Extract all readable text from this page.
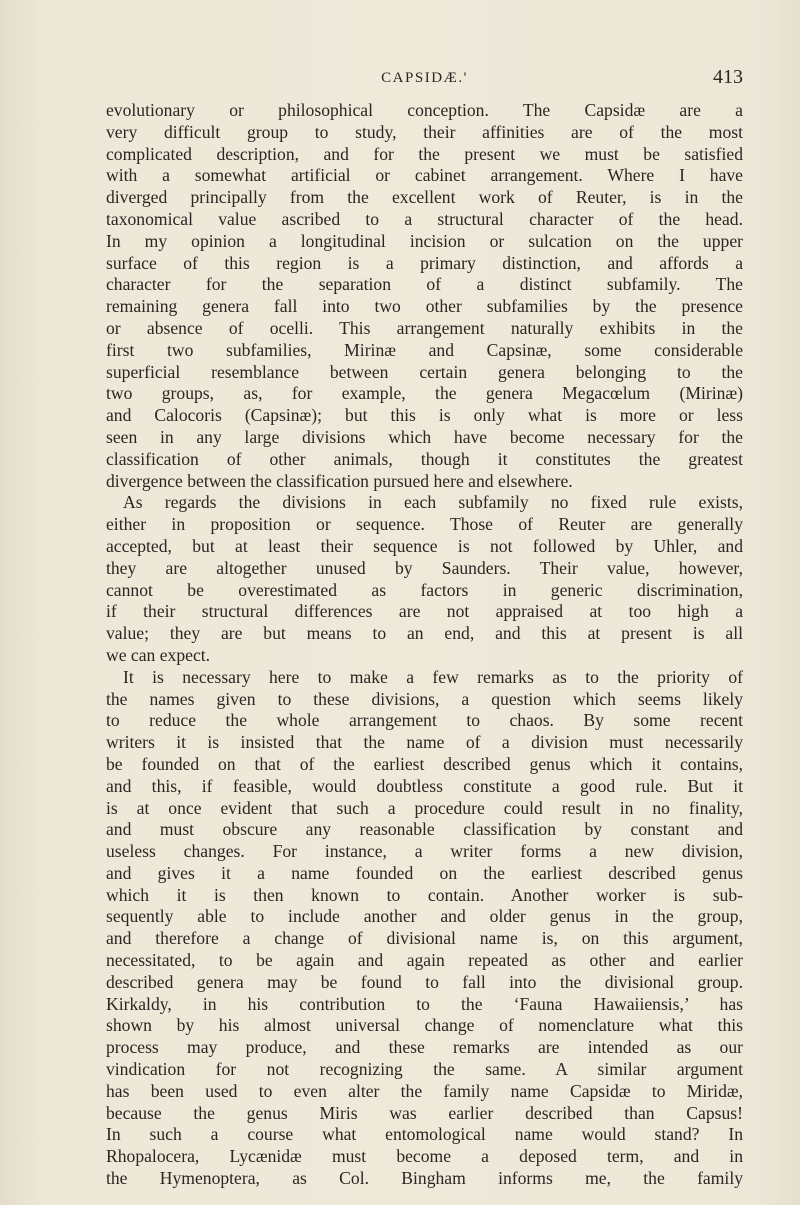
CAPSIDÆ.'	413
evolutionary or philosophical conception. The Capsidæ are a
very difficult group to study, their affinities are of the most
complicated description, and for the present we must be satisfied
with a somewhat artificial or cabinet arrangement. Where I have
diverged principally from the excellent work of Reuter, is in the
taxonomical value ascribed to a structural character of the head.
In my opinion a longitudinal incision or sulcation on the upper
surface of this region is a primary distinction, and affords a
character for the separation of a distinct subfamily. The
remaining genera fall into two other subfamilies by the presence
or absence of ocelli. This arrangement naturally exhibits in the
first two subfamilies, Mirinæ and Capsinæ, some considerable
superficial resemblance between certain genera belonging to the
two groups, as, for example, the genera Megacœlum (Mirinæ)
and Calocoris (Capsinæ); but this is only what is more or less
seen in any large divisions which have become necessary for the
classification of other animals, though it constitutes the greatest
divergence between the classification pursued here and elsewhere.
As regards the divisions in each subfamily no fixed rule exists,
either in proposition or sequence. Those of Reuter are generally
accepted, but at least their sequence is not followed by Uhler, and
they are altogether unused by Saunders. Their value, however,
cannot be overestimated as factors in generic discrimination,
if their structural differences are not appraised at too high a
value; they are but means to an end, and this at present is all
we can expect.
It is necessary here to make a few remarks as to the priority of
the names given to these divisions, a question which seems likely
to reduce the whole arrangement to chaos. By some recent
writers it is insisted that the name of a division must necessarily
be founded on that of the earliest described genus which it contains,
and this, if feasible, would doubtless constitute a good rule. But it
is at once evident that such a procedure could result in no finality,
and must obscure any reasonable classification by constant and
useless changes. For instance, a writer forms a new division,
and gives it a name founded on the earliest described genus
which it is then known to contain. Another worker is sub-
sequently able to include another and older genus in the group,
and therefore a change of divisional name is, on this argument,
necessitated, to be again and again repeated as other and earlier
described genera may be found to fall into the divisional group.
Kirkaldy, in his contribution to the ‘Fauna Hawaiiensis,’ has
shown by his almost universal change of nomenclature what this
process may produce, and these remarks are intended as our
vindication for not recognizing the same. A similar argument
has been used to even alter the family name Capsidæ to Miridæ,
because the genus Miris was earlier described than Capsus!
In such a course what entomological name would stand? In
Rhopalocera, Lycænidæ must become a deposed term, and in
the Hymenoptera, as Col. Bingham informs me, the family
